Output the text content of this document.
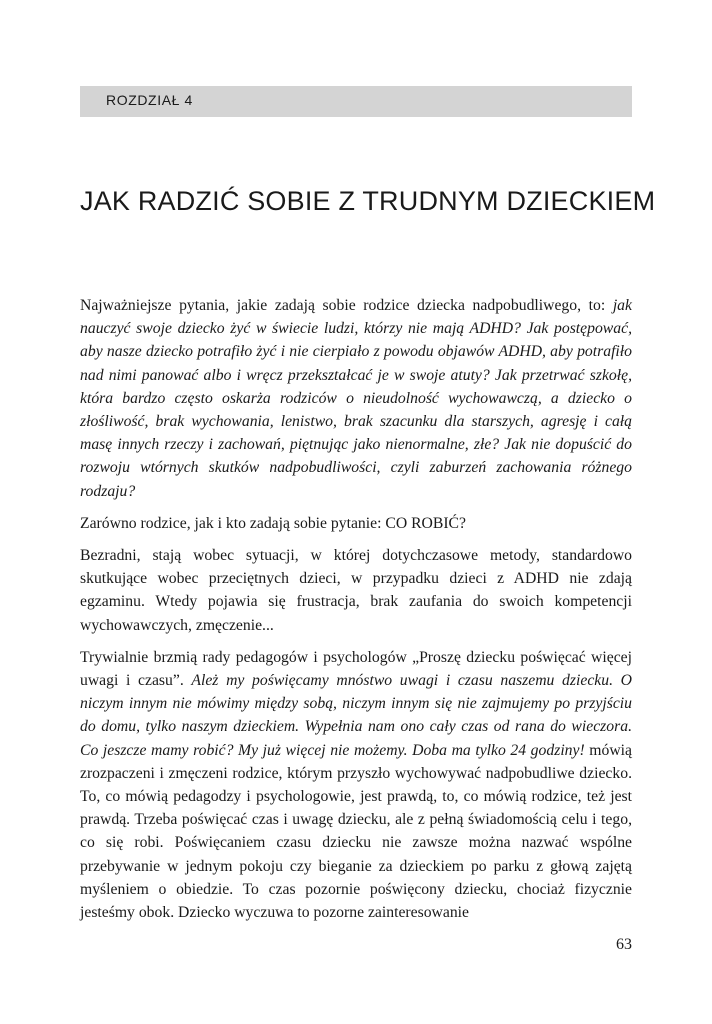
ROZDZIAŁ 4
JAK RADZIĆ SOBIE Z TRUDNYM DZIECKIEM

Najważniejsze pytania, jakie zadają sobie rodzice dziecka nadpobudliwego, to: jak nauczyć swoje dziecko żyć w świecie ludzi, którzy nie mają ADHD? Jak postępować, aby nasze dziecko potrafiło żyć i nie cierpiało z powodu objawów ADHD, aby potrafiło nad nimi panować albo i wręcz przekształcać je w swoje atuty? Jak przetrwać szkołę, która bardzo często oskarża rodziców o nieudolność wychowawczą, a dziecko o złośliwość, brak wychowania, lenistwo, brak szacunku dla starszych, agresję i całą masę innych rzeczy i zachowań, piętnując jako nienormalne, złe? Jak nie dopuścić do rozwoju wtórnych skutków nadpobudliwości, czyli zaburzeń zachowania różnego rodzaju?

Zarówno rodzice, jak i kto zadają sobie pytanie: CO ROBIĆ?

Bezradni, stają wobec sytuacji, w której dotychczasowe metody, standardowo skutkujące wobec przeciętnych dzieci, w przypadku dzieci z ADHD nie zdają egzaminu. Wtedy pojawia się frustracja, brak zaufania do swoich kompetencji wychowawczych, zmęczenie...

Trywialnie brzmią rady pedagogów i psychologów „Proszę dziecku poświęcać więcej uwagi i czasu”. Ależ my poświęcamy mnóstwo uwagi i czasu naszemu dziecku. O niczym innym nie mówimy między sobą, niczym innym się nie zajmujemy po przyjściu do domu, tylko naszym dzieckiem. Wypełnia nam ono cały czas od rana do wieczora. Co jeszcze mamy robić? My już więcej nie możemy. Doba ma tylko 24 godziny! mówią zrozpaczeni i zmęczeni rodzice, którym przyszło wychowywać nadpobudliwe dziecko. To, co mówią pedagodzy i psychologowie, jest prawdą, to, co mówią rodzice, też jest prawdą. Trzeba poświęcać czas i uwagę dziecku, ale z pełną świadomością celu i tego, co się robi. Poświęcaniem czasu dziecku nie zawsze można nazwać wspólne przebywanie w jednym pokoju czy bieganie za dzieckiem po parku z głową zajętą myśleniem o obiedzie. To czas pozornie poświęcony dziecku, chociaż fizycznie jesteśmy obok. Dziecko wyczuwa to pozorne zainteresowanie

63
